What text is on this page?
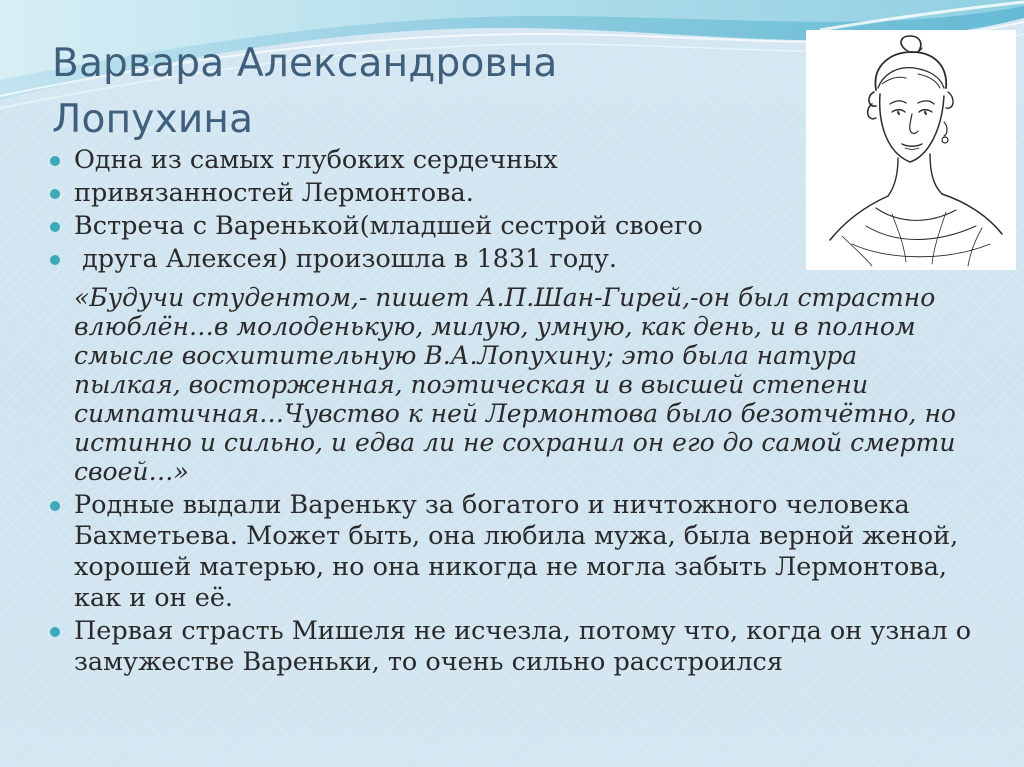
Варвара Александровна
Лопухина
Одна из самых глубоких сердечных
привязанностей Лермонтова.
Встреча с Варенькой(младшей сестрой своего
друга Алексея) произошла в 1831 году.
«Будучи студентом,- пишет А.П.Шан-Гирей,-он был страстно влюблён…в молоденькую, милую, умную, как день, и в полном смысле восхитительную В.А.Лопухину; это была натура пылкая, восторженная, поэтическая и в высшей степени симпатичная…Чувство к ней Лермонтова было безотчётно, но истинно и сильно, и едва ли не сохранил он его до самой смерти своей…»
Родные выдали Вареньку за богатого и ничтожного человека Бахметьева. Может быть, она любила мужа, была верной женой, хорошей матерью, но она никогда не могла забыть Лермонтова, как и он её.
Первая страсть Мишеля не исчезла, потому что, когда он узнал о замужестве Вареньки, то очень сильно расстроился
